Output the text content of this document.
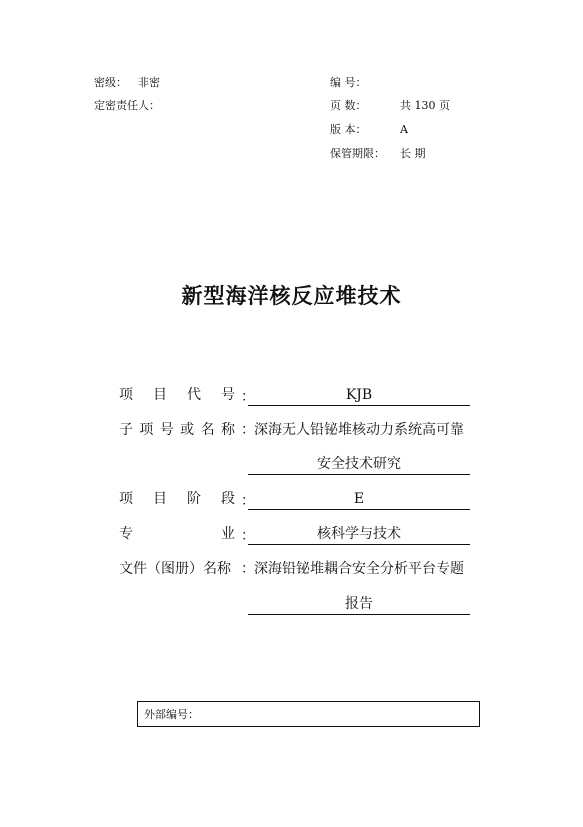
密级： 非密
定密责任人：
编 号：
页 数：	共 130 页
版 本：	A
保管期限： 长 期
新型海洋核反应堆技术
项 目 代 号 ：	KJB
子 项 号 或 名 称 ： 深海无人铅铋堆核动力系统高可靠
安全技术研究
项 目 阶 段 ：	E
专	业 ：	核科学与技术
文件（图册）名称 ： 深海铅铋堆耦合安全分析平台专题
报告
外部编号：
